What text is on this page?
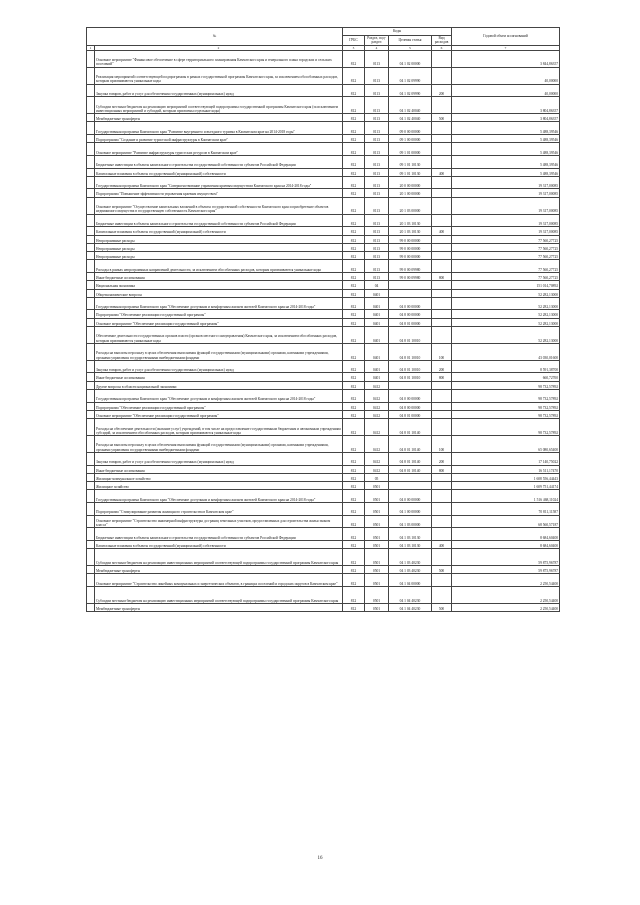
№		Коды				Годовой объем ассигнований
		ГРБС	Раздел, под-раздел	Целевая статья	Вид расходов	
1	2	3	4	5	6	7
	Основное мероприятие "Финансовое обеспечение в сфере территориального планирования Камчатского края и генерального плана городских и сельских поселений"	812	0113	04 1 02 00000		3 844,86357
	Реализация мероприятий соответствующей подпрограммы в рамках государственной программы Камчатского края, за исключением обособленных расходов, которым присваиваются уникальные коды	812	0113	04 1 02 09990		40,00000
	Закупка товаров, работ и услуг для обеспечения государственных (муниципальных) нужд	812	0113	04 1 02 09990	200	40,00000
	Субсидии местным бюджетам на реализацию мероприятий соответствующей подпрограммы государственной программы Камчатского края (за исключением инвестиционных мероприятий и субсидий, которым присвоены отдельные коды)	812	0113	04 1 02 40040		3 804,86357
	Межбюджетные трансферты	812	0113	04 1 02 40040	500	3 804,86357
	Государственная программа Камчатского края "Развитие внутреннего и въездного туризма в Камчатском крае на 2014-2018 годы"	812	0113	09 0 00 00000		5 488,39546
	Подпрограмма "Создание и развитие туристской инфраструктуры в Камчатском крае"	812	0113	09 1 00 00000		5 488,39546
	Основное мероприятие "Развитие инфраструктуры туристских ресурсов в Камчатском крае"	812	0113	09 1 01 00000		5 488,39546
	Бюджетные инвестиции в объекты капитального строительства государственной собственности субъектов Российской Федерации	812	0113	09 1 01 10130		5 488,39546
	Капитальные вложения в объекты государственной (муниципальной) собственности	812	0113	09 1 01 10130	400	5 488,39546
	Государственная программа Камчатского края "Совершенствование управления краевым имуществом Камчатского края на 2014-2018 годы"	812	0113	20 0 00 00000		19 317,00085
	Подпрограмма "Повышение эффективности управления краевым имуществом"	812	0113	20 1 00 00000		19 317,00085
	Основное мероприятие "Осуществление капитальных вложений в объекты государственной собственности Камчатского края и приобретение объектов недвижимого имущества в государственную собственность Камчатского края"	812	0113	20 1 03 00000		19 317,00085
	Бюджетные инвестиции в объекты капитального строительства государственной собственности субъектов Российской Федерации	812	0113	20 1 03 10130		19 317,00085
	Капитальные вложения в объекты государственной (муниципальной) собственности	812	0113	20 1 03 10130	400	19 317,00085
	Непрограммные расходы	812	0113	99 0 00 00000		77 560,27725
	Непрограммные расходы	812	0113	99 0 00 00000		77 560,27725
	Непрограммные расходы	812	0113	99 0 00 00000		77 560,27725
	Расходы в рамках непрограммных направлений деятельности, за исключением обособленных расходов, которым присваиваются уникальные коды	812	0113	99 0 00 09980		77 560,27725
	Иные бюджетные ассигнования	812	0113	99 0 00 09980	800	77 560,27725
	Национальная экономика	812	04			151 014,70892
	Общеэкономические вопросы	812	0401			52 282,13000
	Государственная программа Камчатского края "Обеспечение доступным и комфортным жильем жителей Камчатского края на 2014-2018 годы"	812	0401	04 0 00 00000		52 282,13000
	Подпрограмма "Обеспечение реализации государственной программы"	812	0401	04 8 00 00000		52 282,13000
	Основное мероприятие "Обеспечение реализации государственной программы"	812	0401	04 8 01 00000		52 282,13000
	Обеспечение деятельности государственных органов власти (органов местного самоуправления) Камчатского края, за исключением обособленных расходов, которым присваиваются уникальные коды	812	0401	04 8 01 10010		52 282,13000
	Расходы на выплаты персоналу в целях обеспечения выполнения функций государственными (муниципальными) органами, казенными учреждениями, органами управления государственными внебюджетными фондами	812	0401	04 8 01 10010	100	43 030,01600
	Закупка товаров, работ и услуг для обеспечения государственных (муниципальных) нужд	812	0401	04 8 01 10010	200	8 591,38700
	Иные бюджетные ассигнования	812	0401	04 8 01 10010	800	660,72700
	Другие вопросы в области национальной экономики	812	0412			98 732,57892
	Государственная программа Камчатского края "Обеспечение доступным и комфортным жильем жителей Камчатского края на 2014-2018 годы"	812	0412	04 0 00 00000		98 732,57892
	Подпрограмма "Обеспечение реализации государственной программы"	812	0412	04 8 00 00000		98 732,57892
	Основное мероприятие "Обеспечение реализации государственной программы"	812	0412	04 8 01 00000		98 732,57892
	Расходы на обеспечение деятельности (оказание услуг) учреждений, в том числе на предоставление государственным бюджетным и автономным учреждениям субсидий, за исключением обособленных расходов, которым присваиваются уникальные коды	812	0412	04 8 01 10140		98 732,57892
	Расходы на выплаты персоналу в целях обеспечения выполнения функций государственными (муниципальными) органами, казенными учреждениями, органами управления государственными внебюджетными фондами	812	0412	04 8 01 10140	100	65 080,65400
	Закупка товаров, работ и услуг для обеспечения государственных (муниципальных) нужд	812	0412	04 8 01 10140	200	17 140,75022
	Иные бюджетные ассигнования	812	0412	04 8 01 10140	800	16 511,17470
	Жилищно-коммунальное хозяйство	812	05			1 608 556,44443
	Жилищное хозяйство	812	0501			1 609 751,44174
	Государственная программа Камчатского края "Обеспечение доступным и комфортным жильем жителей Камчатского края на 2014-2018 годы"	812	0501	04 0 00 00000		1 516 468,11024
	Подпрограмма "Стимулирование развития жилищного строительства в Камчатском крае"	812	0501	04 1 00 00000		70 811,11587
	Основное мероприятие "Строительство инженерной инфраструктуры до границ земельных участков, предоставленных для строительства жилья эконом класса"	812	0501	04 1 03 00000		68 560,57187
	Бюджетные инвестиции в объекты капитального строительства государственной собственности субъектов Российской Федерации	812	0501	04 1 03 10130		8 684,60400
	Капитальные вложения в объекты государственной (муниципальной) собственности	812	0501	04 1 03 10130	400	8 684,60400
	Субсидии местным бюджетам на реализацию инвестиционных мероприятий соответствующей подпрограммы государственной программы Камчатского края	812	0501	04 1 03 40230		59 875,96787
	Межбюджетные трансферты	812	0501	04 1 03 40230	500	59 875,96787
	Основное мероприятие "Строительство линейных коммунальных и энергетических объектов, в границах поселений и городских округов в Камчатском крае"	812	0501	04 1 04 00000		2 250,54400
	Субсидии местным бюджетам на реализацию инвестиционных мероприятий соответствующей подпрограммы государственной программы Камчатского края	812	0501	04 1 04 40230		2 250,54400
	Межбюджетные трансферты	812	0501	04 1 04 40230	500	2 250,54400
16
